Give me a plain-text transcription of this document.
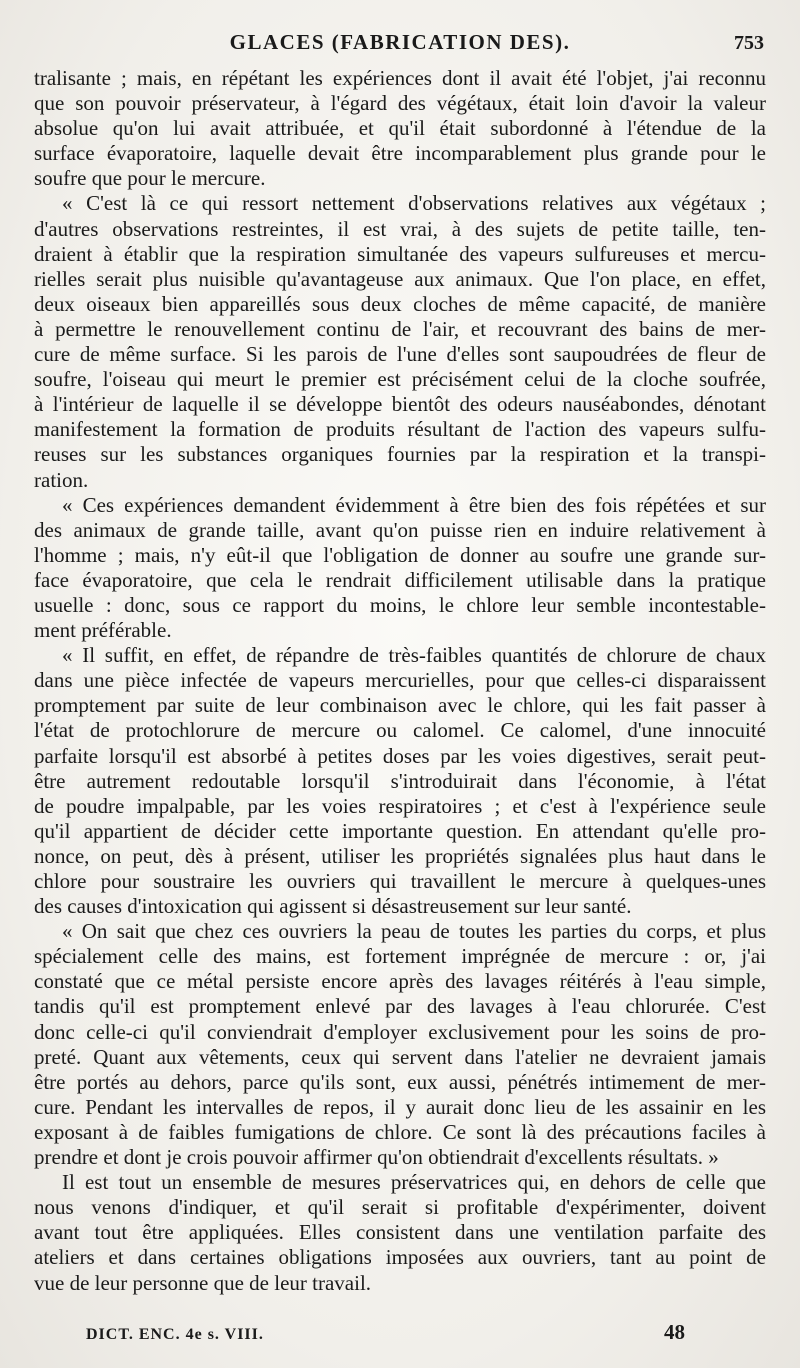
GLACES (FABRICATION DES).	753
tralisante ; mais, en répétant les expériences dont il avait été l'objet, j'ai reconnu
que son pouvoir préservateur, à l'égard des végétaux, était loin d'avoir la valeur
absolue qu'on lui avait attribuée, et qu'il était subordonné à l'étendue de la
surface évaporatoire, laquelle devait être incomparablement plus grande pour le
soufre que pour le mercure.
« C'est là ce qui ressort nettement d'observations relatives aux végétaux ;
d'autres observations restreintes, il est vrai, à des sujets de petite taille, ten-
draient à établir que la respiration simultanée des vapeurs sulfureuses et mercu-
rielles serait plus nuisible qu'avantageuse aux animaux. Que l'on place, en effet,
deux oiseaux bien appareillés sous deux cloches de même capacité, de manière
à permettre le renouvellement continu de l'air, et recouvrant des bains de mer-
cure de même surface. Si les parois de l'une d'elles sont saupoudrées de fleur de
soufre, l'oiseau qui meurt le premier est précisément celui de la cloche soufrée,
à l'intérieur de laquelle il se développe bientôt des odeurs nauséabondes, dénotant
manifestement la formation de produits résultant de l'action des vapeurs sulfu-
reuses sur les substances organiques fournies par la respiration et la transpi-
ration.
« Ces expériences demandent évidemment à être bien des fois répétées et sur
des animaux de grande taille, avant qu'on puisse rien en induire relativement à
l'homme ; mais, n'y eût-il que l'obligation de donner au soufre une grande sur-
face évaporatoire, que cela le rendrait difficilement utilisable dans la pratique
usuelle : donc, sous ce rapport du moins, le chlore leur semble incontestable-
ment préférable.
« Il suffit, en effet, de répandre de très-faibles quantités de chlorure de chaux
dans une pièce infectée de vapeurs mercurielles, pour que celles-ci disparaissent
promptement par suite de leur combinaison avec le chlore, qui les fait passer à
l'état de protochlorure de mercure ou calomel. Ce calomel, d'une innocuité
parfaite lorsqu'il est absorbé à petites doses par les voies digestives, serait peut-
être autrement redoutable lorsqu'il s'introduirait dans l'économie, à l'état
de poudre impalpable, par les voies respiratoires ; et c'est à l'expérience seule
qu'il appartient de décider cette importante question. En attendant qu'elle pro-
nonce, on peut, dès à présent, utiliser les propriétés signalées plus haut dans le
chlore pour soustraire les ouvriers qui travaillent le mercure à quelques-unes
des causes d'intoxication qui agissent si désastreusement sur leur santé.
« On sait que chez ces ouvriers la peau de toutes les parties du corps, et plus
spécialement celle des mains, est fortement imprégnée de mercure : or, j'ai
constaté que ce métal persiste encore après des lavages réitérés à l'eau simple,
tandis qu'il est promptement enlevé par des lavages à l'eau chlorurée. C'est
donc celle-ci qu'il conviendrait d'employer exclusivement pour les soins de pro-
preté. Quant aux vêtements, ceux qui servent dans l'atelier ne devraient jamais
être portés au dehors, parce qu'ils sont, eux aussi, pénétrés intimement de mer-
cure. Pendant les intervalles de repos, il y aurait donc lieu de les assainir en les
exposant à de faibles fumigations de chlore. Ce sont là des précautions faciles à
prendre et dont je crois pouvoir affirmer qu'on obtiendrait d'excellents résultats. »
Il est tout un ensemble de mesures préservatrices qui, en dehors de celle que
nous venons d'indiquer, et qu'il serait si profitable d'expérimenter, doivent
avant tout être appliquées. Elles consistent dans une ventilation parfaite des
ateliers et dans certaines obligations imposées aux ouvriers, tant au point de
vue de leur personne que de leur travail.
DICT. ENC. 4e s. VIII.	48
